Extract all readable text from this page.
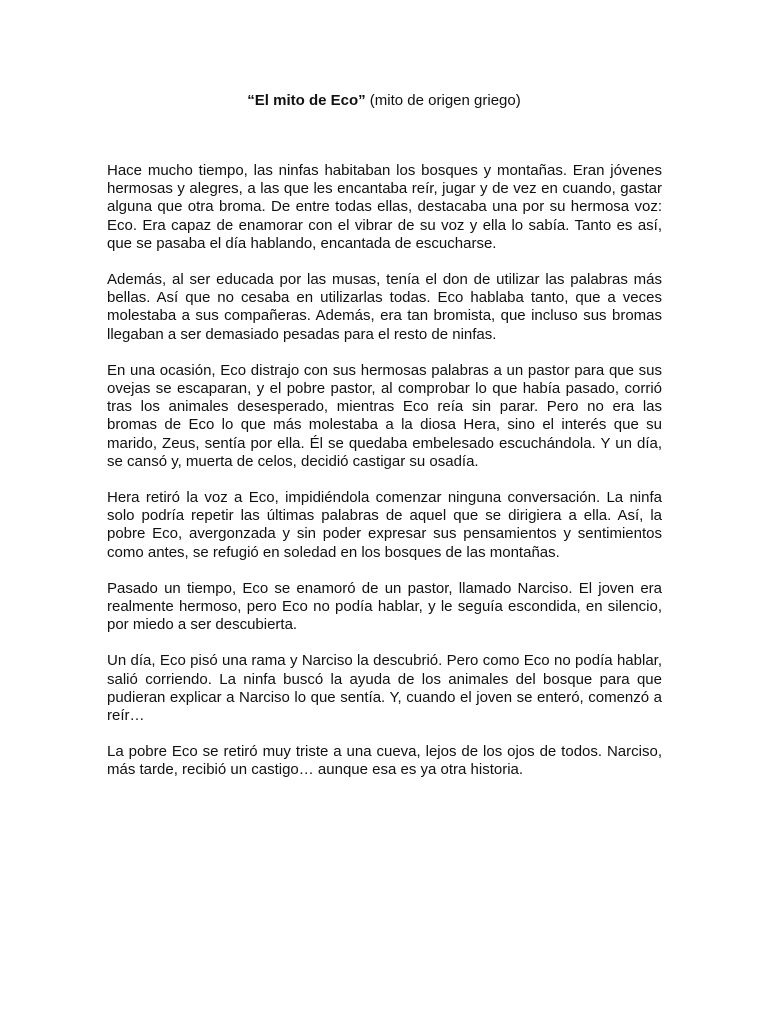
“El mito de Eco” (mito de origen griego)

Hace mucho tiempo, las ninfas habitaban los bosques y montañas. Eran jóvenes hermosas y alegres, a las que les encantaba reír, jugar y de vez en cuando, gastar alguna que otra broma. De entre todas ellas, destacaba una por su hermosa voz: Eco. Era capaz de enamorar con el vibrar de su voz y ella lo sabía. Tanto es así, que se pasaba el día hablando, encantada de escucharse.

Además, al ser educada por las musas, tenía el don de utilizar las palabras más bellas. Así que no cesaba en utilizarlas todas. Eco hablaba tanto, que a veces molestaba a sus compañeras. Además, era tan bromista, que incluso sus bromas llegaban a ser demasiado pesadas para el resto de ninfas.

En una ocasión, Eco distrajo con sus hermosas palabras a un pastor para que sus ovejas se escaparan, y el pobre pastor, al comprobar lo que había pasado, corrió tras los animales desesperado, mientras Eco reía sin parar. Pero no era las bromas de Eco lo que más molestaba a la diosa Hera, sino el interés que su marido, Zeus, sentía por ella. Él se quedaba embelesado escuchándola. Y un día, se cansó y, muerta de celos, decidió castigar su osadía.

Hera retiró la voz a Eco, impidiéndola comenzar ninguna conversación. La ninfa solo podría repetir las últimas palabras de aquel que se dirigiera a ella. Así, la pobre Eco, avergonzada y sin poder expresar sus pensamientos y sentimientos como antes, se refugió en soledad en los bosques de las montañas.

Pasado un tiempo, Eco se enamoró de un pastor, llamado Narciso. El joven era realmente hermoso, pero Eco no podía hablar, y le seguía escondida, en silencio, por miedo a ser descubierta.

Un día, Eco pisó una rama y Narciso la descubrió. Pero como Eco no podía hablar, salió corriendo. La ninfa buscó la ayuda de los animales del bosque para que pudieran explicar a Narciso lo que sentía. Y, cuando el joven se enteró, comenzó a reír…

La pobre Eco se retiró muy triste a una cueva, lejos de los ojos de todos. Narciso, más tarde, recibió un castigo… aunque esa es ya otra historia.
